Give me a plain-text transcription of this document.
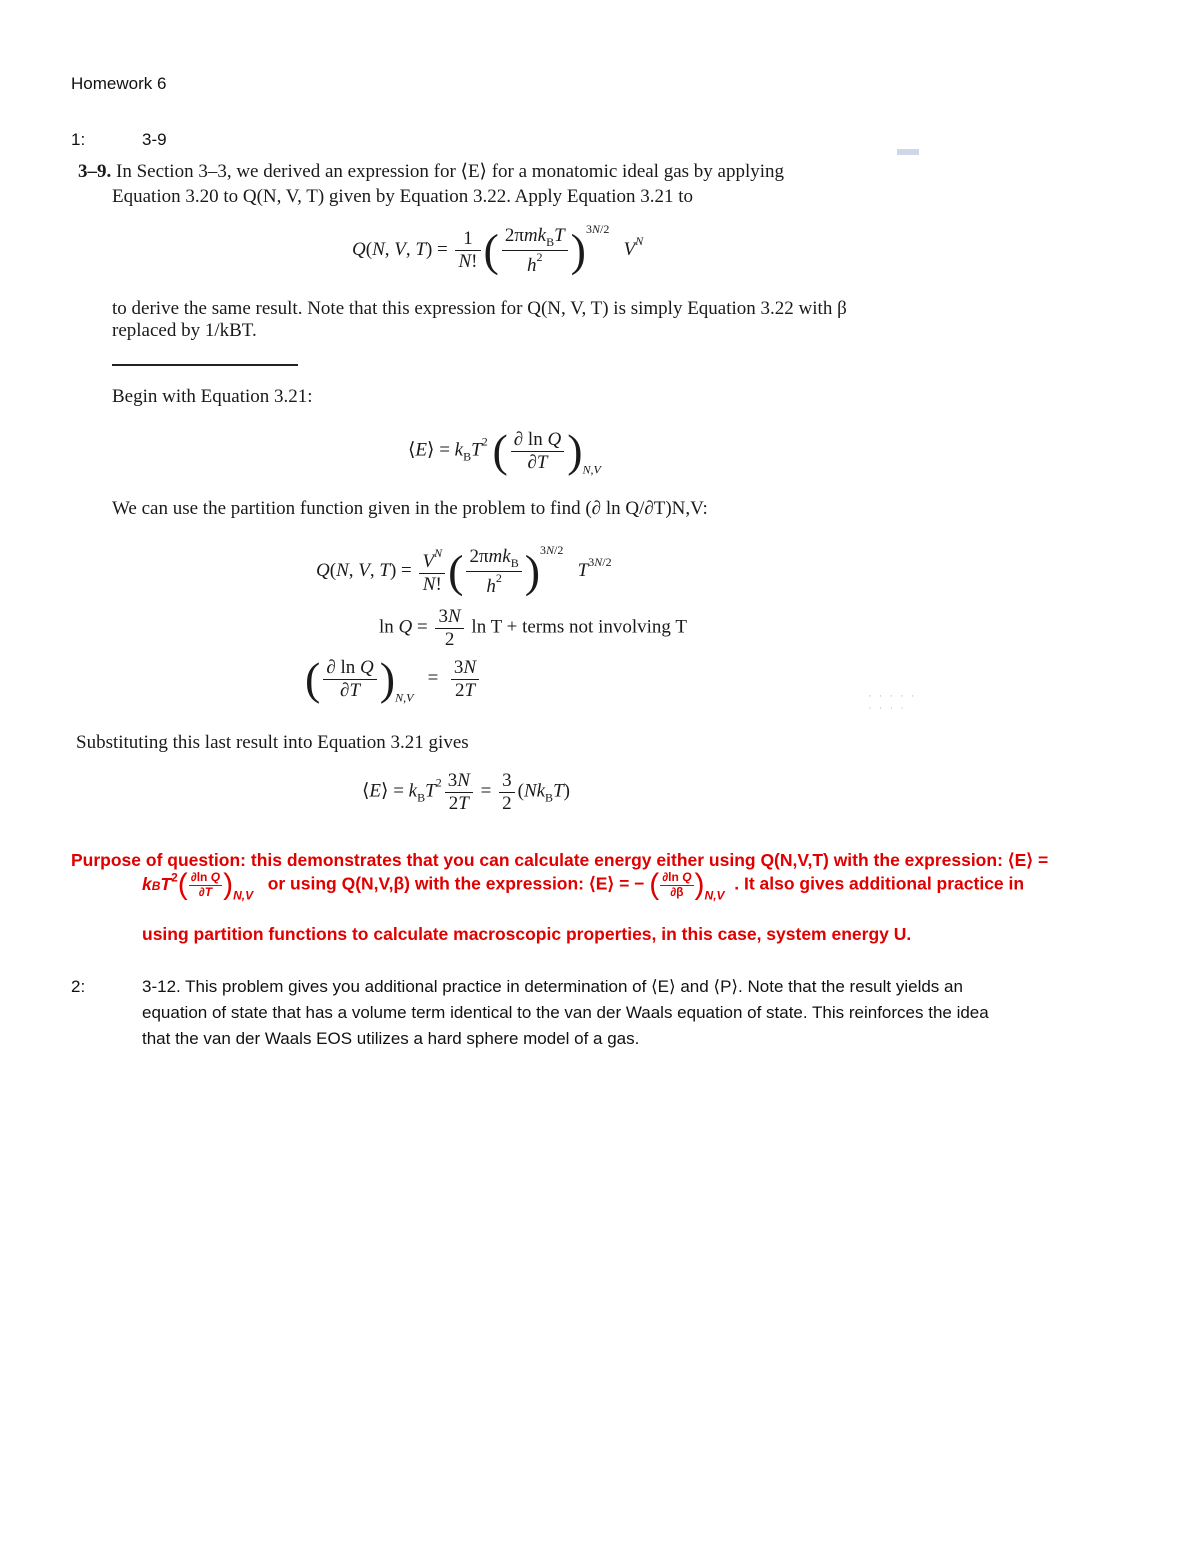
Homework 6
1:	3-9
3–9. In Section 3–3, we derived an expression for ⟨E⟩ for a monatomic ideal gas by applying
Equation 3.20 to Q(N, V, T) given by Equation 3.22. Apply Equation 3.21 to
Q(N, V, $T) = \frac{1}{N!}$ ( $\frac{2\pi mk_BT}{h^2} )^{3N/2}$   $V^N$
to derive the same result. Note that this expression for Q(N, V, T) is simply Equation 3.22 with β
replaced by 1/kBT.
Begin with Equation 3.21:
⟨E⟩ = $k_BT^2$ ( $\frac{\text{∂ ln Q}}{\partial T} )_{N,V}$
We can use the partition function given in the problem to find (∂ ln Q/∂T)N,V:
Q(N, V, $T) = \frac{V^N}{N!}$ ( $\frac{2\pi mk_B}{h^2} )^{3N/2}$   $T^{3N/2}$
$\ln Q = \frac{3N}{2}$ ln T + terms not involving T
( $\frac{\text{∂ ln Q}}{\partial T} )_{N,V} = \frac{3N}{2T}$	· · · · ·
· · · ·
Substituting this last result into Equation 3.21 gives
⟨E⟩ = $k_BT^2 \frac{3N}{2T} = \frac{3}{2} (Nk_BT)$
Purpose of question: this demonstrates that you can calculate energy either using Q(N,V,T) with the expression: ⟨E⟩ =
$kBT^2( \frac{\text{∂ln Q}}{\partial T} )_{N,V}$   or using Q(N,V,β) with the expression: ⟨E⟩ = − ( $\frac{\text{∂ln Q}}{\partial\beta} )_{N,V}$  . It also gives additional practice in
using partition functions to calculate macroscopic properties, in this case, system energy U.
2:	3-12. This problem gives you additional practice in determination of ⟨E⟩ and ⟨P⟩. Note that the result yields an
equation of state that has a volume term identical to the van der Waals equation of state. This reinforces the idea
that the van der Waals EOS utilizes a hard sphere model of a gas.
